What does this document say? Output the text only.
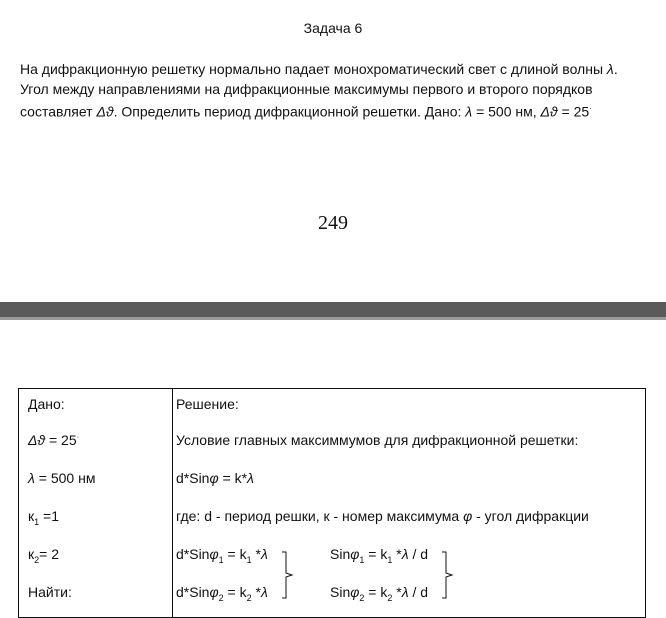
Задача 6
На дифракционную решетку нормально падает монохроматический свет с длиной волны λ. Угол между направлениями на дифракционные максимумы первого и второго порядков составляет Δϑ. Определить период дифракционной решетки. Дано: λ = 500 нм, Δϑ = 25·
249
Дано:	Решение:
Δϑ = 25·	Условие главных максиммумов для дифракционной решетки:
λ = 500 нм	d*Sinφ = k*λ
$к_1 =1$	где: d - период решки, к - номер максимума φ - угол дифракции
$к_2= 2$	$d*Sin\varphi_1 = k_1$ *λ	$Sin\varphi_1 = k_1$ *λ / d
Найти:	$d*Sin\varphi_2 = k_2$ *λ	$Sin\varphi_2 = k_2$ *λ / d
